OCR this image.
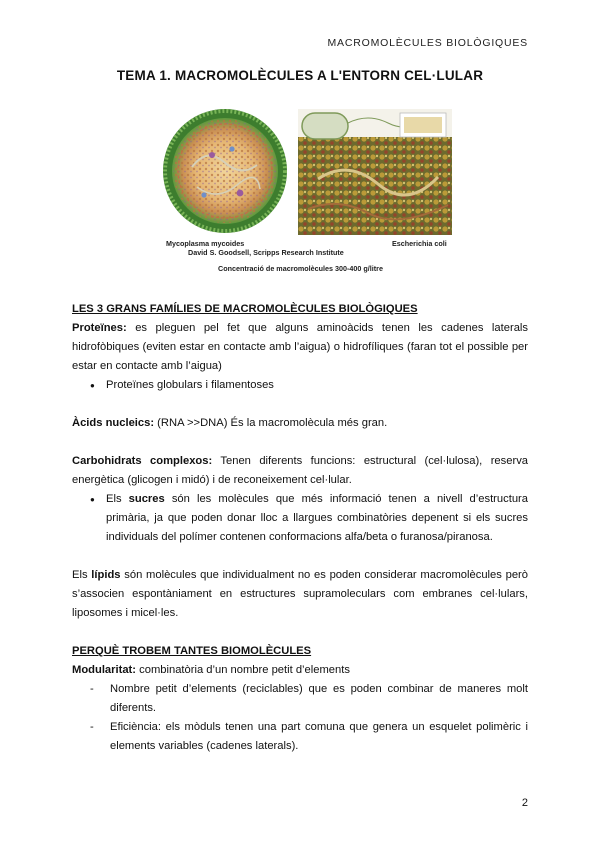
MACROMOLÈCULES BIOLÒGIQUES
TEMA 1. MACROMOLÈCULES A L'ENTORN CEL·LULAR
Mycoplasma mycoides	Escherichia coli
David S. Goodsell, Scripps Research Institute
Concentració de macromolècules 300-400 g/litre

LES 3 GRANS FAMÍLIES DE MACROMOLÈCULES BIOLÒGIQUES

Proteïnes: es pleguen pel fet que alguns aminoàcids tenen les cadenes laterals hidrofòbiques (eviten estar en contacte amb l’aigua) o hidrofíliques (faran tot el possible per estar en contacte amb l’aigua)

● Proteïnes globulars i filamentoses

Àcids nucleics: (RNA >>DNA) És la macromolècula més gran.

Carbohidrats complexos: Tenen diferents funcions: estructural (cel·lulosa), reserva energètica (glicogen i midó) i de reconeixement cel·lular.

● Els sucres són les molècules que més informació tenen a nivell d’estructura primària, ja que poden donar lloc a llargues combinatòries depenent si els sucres individuals del polímer contenen conformacions alfa/beta o furanosa/piranosa.

Els lípids són molècules que individualment no es poden considerar macromolècules però s’associen espontàniament en estructures supramoleculars com embranes cel·lulars, liposomes i micel·les.

PERQUÈ TROBEM TANTES BIOMOLÈCULES

Modularitat: combinatòria d’un nombre petit d’elements

- Nombre petit d’elements (reciclables) que es poden combinar de maneres molt diferents.
- Eficiència: els mòduls tenen una part comuna que genera un esquelet polimèric i elements variables (cadenes laterals).
2
